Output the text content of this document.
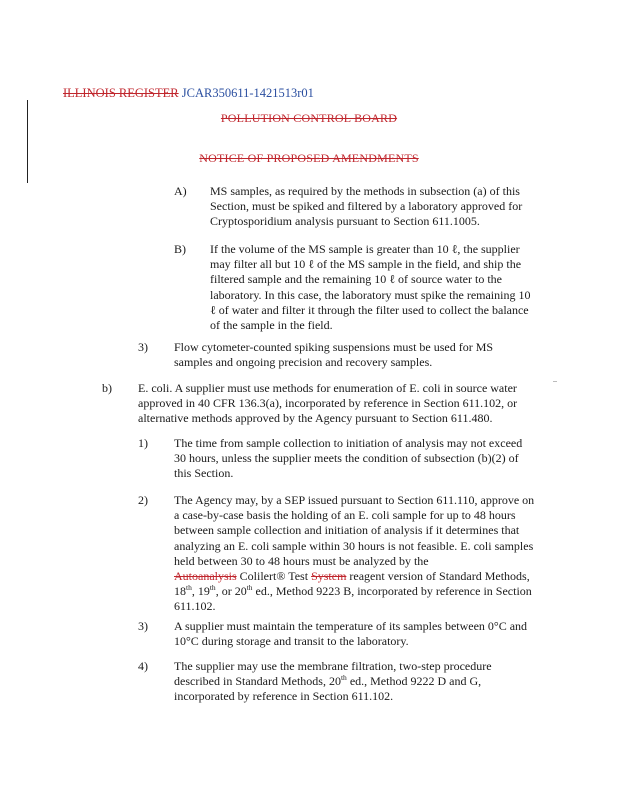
ILLINOIS REGISTER JCAR350611-1421513r01
POLLUTION CONTROL BOARD
NOTICE OF PROPOSED AMENDMENTS
A) MS samples, as required by the methods in subsection (a) of this Section, must be spiked and filtered by a laboratory approved for Cryptosporidium analysis pursuant to Section 611.1005.
B) If the volume of the MS sample is greater than 10 ℓ, the supplier may filter all but 10 ℓ of the MS sample in the field, and ship the filtered sample and the remaining 10 ℓ of source water to the laboratory. In this case, the laboratory must spike the remaining 10 ℓ of water and filter it through the filter used to collect the balance of the sample in the field.
3) Flow cytometer-counted spiking suspensions must be used for MS samples and ongoing precision and recovery samples.
b) E. coli. A supplier must use methods for enumeration of E. coli in source water approved in 40 CFR 136.3(a), incorporated by reference in Section 611.102, or alternative methods approved by the Agency pursuant to Section 611.480.
1) The time from sample collection to initiation of analysis may not exceed 30 hours, unless the supplier meets the condition of subsection (b)(2) of this Section.
2) The Agency may, by a SEP issued pursuant to Section 611.110, approve on a case-by-case basis the holding of an E. coli sample for up to 48 hours between sample collection and initiation of analysis if it determines that analyzing an E. coli sample within 30 hours is not feasible. E. coli samples held between 30 to 48 hours must be analyzed by the
Autoanalysis Colilert® Test System reagent version of Standard Methods,
18th, 19th, or 20th ed., Method 9223 B, incorporated by reference in Section 611.102.
3) A supplier must maintain the temperature of its samples between 0°C and 10°C during storage and transit to the laboratory.
4) The supplier may use the membrane filtration, two-step procedure described in Standard Methods, 20th ed., Method 9222 D and G, incorporated by reference in Section 611.102.
